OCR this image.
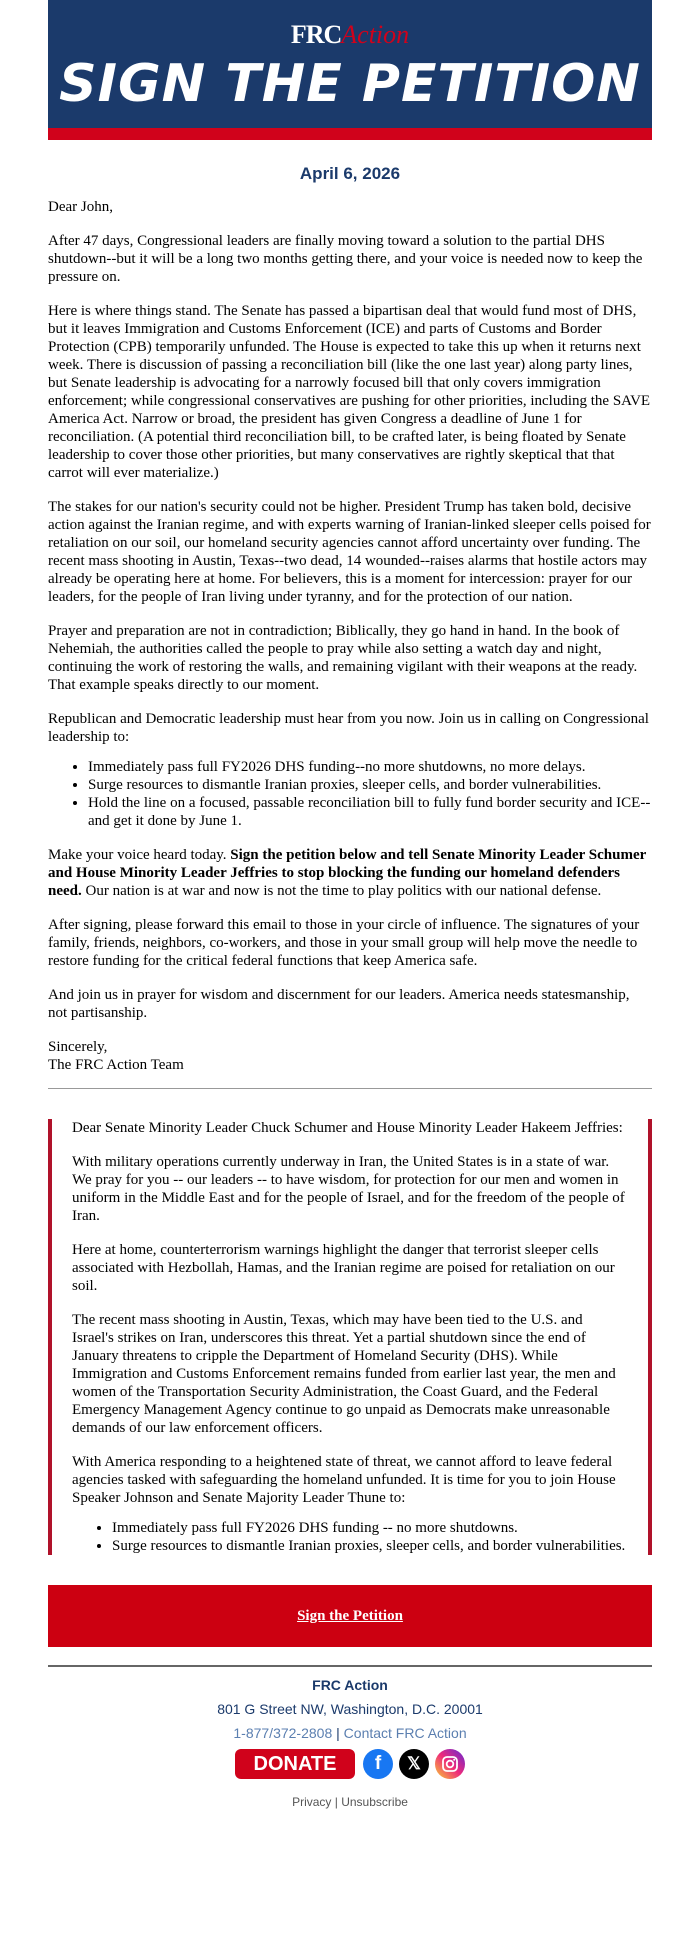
FRCAction
SIGN THE PETITION
April 6, 2026

Dear John,

After 47 days, Congressional leaders are finally moving toward a solution to the partial DHS shutdown--but it will be a long two months getting there, and your voice is needed now to keep the pressure on.

Here is where things stand. The Senate has passed a bipartisan deal that would fund most of DHS, but it leaves Immigration and Customs Enforcement (ICE) and parts of Customs and Border Protection (CPB) temporarily unfunded. The House is expected to take this up when it returns next week. There is discussion of passing a reconciliation bill (like the one last year) along party lines, but Senate leadership is advocating for a narrowly focused bill that only covers immigration enforcement; while congressional conservatives are pushing for other priorities, including the SAVE America Act. Narrow or broad, the president has given Congress a deadline of June 1 for reconciliation. (A potential third reconciliation bill, to be crafted later, is being floated by Senate leadership to cover those other priorities, but many conservatives are rightly skeptical that that carrot will ever materialize.)

The stakes for our nation's security could not be higher. President Trump has taken bold, decisive action against the Iranian regime, and with experts warning of Iranian-linked sleeper cells poised for retaliation on our soil, our homeland security agencies cannot afford uncertainty over funding. The recent mass shooting in Austin, Texas--two dead, 14 wounded--raises alarms that hostile actors may already be operating here at home. For believers, this is a moment for intercession: prayer for our leaders, for the people of Iran living under tyranny, and for the protection of our nation.

Prayer and preparation are not in contradiction; Biblically, they go hand in hand. In the book of Nehemiah, the authorities called the people to pray while also setting a watch day and night, continuing the work of restoring the walls, and remaining vigilant with their weapons at the ready. That example speaks directly to our moment.

Republican and Democratic leadership must hear from you now. Join us in calling on Congressional leadership to:

• Immediately pass full FY2026 DHS funding--no more shutdowns, no more delays.
• Surge resources to dismantle Iranian proxies, sleeper cells, and border vulnerabilities.
• Hold the line on a focused, passable reconciliation bill to fully fund border security and ICE--and get it done by June 1.

Make your voice heard today. Sign the petition below and tell Senate Minority Leader Schumer and House Minority Leader Jeffries to stop blocking the funding our homeland defenders need. Our nation is at war and now is not the time to play politics with our national defense.

After signing, please forward this email to those in your circle of influence. The signatures of your family, friends, neighbors, co-workers, and those in your small group will help move the needle to restore funding for the critical federal functions that keep America safe.

And join us in prayer for wisdom and discernment for our leaders. America needs statesmanship, not partisanship.

Sincerely,
The FRC Action Team

Dear Senate Minority Leader Chuck Schumer and House Minority Leader Hakeem Jeffries:

With military operations currently underway in Iran, the United States is in a state of war. We pray for you -- our leaders -- to have wisdom, for protection for our men and women in uniform in the Middle East and for the people of Israel, and for the freedom of the people of Iran.

Here at home, counterterrorism warnings highlight the danger that terrorist sleeper cells associated with Hezbollah, Hamas, and the Iranian regime are poised for retaliation on our soil.

The recent mass shooting in Austin, Texas, which may have been tied to the U.S. and Israel's strikes on Iran, underscores this threat. Yet a partial shutdown since the end of January threatens to cripple the Department of Homeland Security (DHS). While Immigration and Customs Enforcement remains funded from earlier last year, the men and women of the Transportation Security Administration, the Coast Guard, and the Federal Emergency Management Agency continue to go unpaid as Democrats make unreasonable demands of our law enforcement officers.

With America responding to a heightened state of threat, we cannot afford to leave federal agencies tasked with safeguarding the homeland unfunded. It is time for you to join House Speaker Johnson and Senate Majority Leader Thune to:

• Immediately pass full FY2026 DHS funding -- no more shutdowns.
• Surge resources to dismantle Iranian proxies, sleeper cells, and border vulnerabilities.
Sign the Petition
FRC Action
801 G Street NW, Washington, D.C. 20001
1-877/372-2808 | Contact FRC Action
DONATE	f	𝕏
Privacy | Unsubscribe
